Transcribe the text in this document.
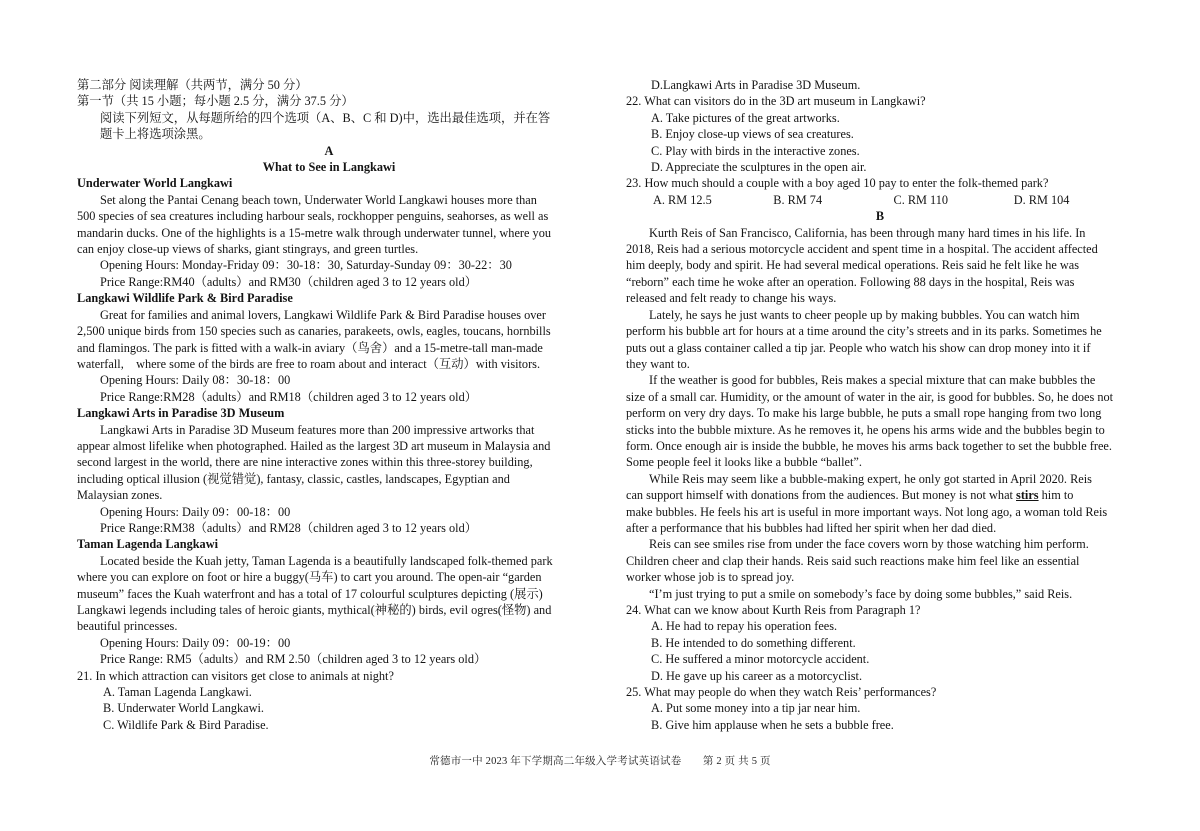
第二部分 阅读理解（共两节，满分 50 分）

第一节（共 15 小题；每小题 2.5 分，满分 37.5 分）

阅读下列短文，从每题所给的四个选项（A、B、C 和 D)中，选出最佳选项，并在答

题卡上将选项涂黑。

A

What to See in Langkawi

Underwater World Langkawi

Set along the Pantai Cenang beach town, Underwater World Langkawi houses more than

500 species of sea creatures including harbour seals, rockhopper penguins, seahorses, as well as

mandarin ducks. One of the highlights is a 15-metre walk through underwater tunnel, where you

can enjoy close-up views of sharks, giant stingrays, and green turtles.

Opening Hours: Monday-Friday 09：30-18：30, Saturday-Sunday 09：30-22：30

Price Range:RM40（adults）and RM30（children aged 3 to 12 years old）

Langkawi Wildlife Park & Bird Paradise

Great for families and animal lovers, Langkawi Wildlife Park & Bird Paradise houses over

2,500 unique birds from 150 species such as canaries, parakeets, owls, eagles, toucans, hornbills

and flamingos. The park is fitted with a walk-in aviary（鸟舍）and a 15-metre-tall man-made

waterfall,    where some of the birds are free to roam about and interact（互动）with visitors.

Opening Hours: Daily 08：30-18：00

Price Range:RM28（adults）and RM18（children aged 3 to 12 years old）

Langkawi Arts in Paradise 3D Museum

Langkawi Arts in Paradise 3D Museum features more than 200 impressive artworks that

appear almost lifelike when photographed. Hailed as the largest 3D art museum in Malaysia and

second largest in the world, there are nine interactive zones within this three-storey building,

including optical illusion (视觉错觉), fantasy, classic, castles, landscapes, Egyptian and

Malaysian zones.

Opening Hours: Daily 09：00-18：00

Price Range:RM38（adults）and RM28（children aged 3 to 12 years old）

Taman Lagenda Langkawi

Located beside the Kuah jetty, Taman Lagenda is a beautifully landscaped folk-themed park

where you can explore on foot or hire a buggy(马车) to cart you around. The open-air “garden

museum” faces the Kuah waterfront and has a total of 17 colourful sculptures depicting (展示)

Langkawi legends including tales of heroic giants, mythical(神秘的) birds, evil ogres(怪物) and

beautiful princesses.

Opening Hours: Daily 09：00-19：00

Price Range: RM5（adults）and RM 2.50（children aged 3 to 12 years old）

21. In which attraction can visitors get close to animals at night?

A. Taman Lagenda Langkawi.

B. Underwater World Langkawi.

C. Wildlife Park & Bird Paradise.

D.Langkawi Arts in Paradise 3D Museum.

22. What can visitors do in the 3D art museum in Langkawi?

A. Take pictures of the great artworks.

B. Enjoy close-up views of sea creatures.

C. Play with birds in the interactive zones.

D. Appreciate the sculptures in the open air.

23. How much should a couple with a boy aged 10 pay to enter the folk-themed park?

A. RM 12.5	B. RM 74	C. RM 110	D. RM 104

B

Kurth Reis of San Francisco, California, has been through many hard times in his life. In

2018, Reis had a serious motorcycle accident and spent time in a hospital. The accident affected

him deeply, body and spirit. He had several medical operations. Reis said he felt like he was

“reborn” each time he woke after an operation. Following 88 days in the hospital, Reis was

released and felt ready to change his ways.

Lately, he says he just wants to cheer people up by making bubbles. You can watch him

perform his bubble art for hours at a time around the city’s streets and in its parks. Sometimes he

puts out a glass container called a tip jar. People who watch his show can drop money into it if

they want to.

If the weather is good for bubbles, Reis makes a special mixture that can make bubbles the

size of a small car. Humidity, or the amount of water in the air, is good for bubbles. So, he does not

perform on very dry days. To make his large bubble, he puts a small rope hanging from two long

sticks into the bubble mixture. As he removes it, he opens his arms wide and the bubbles begin to

form. Once enough air is inside the bubble, he moves his arms back together to set the bubble free.

Some people feel it looks like a bubble “ballet”.

While Reis may seem like a bubble-making expert, he only got started in April 2020. Reis

can support himself with donations from the audiences. But money is not what stirs him to

make bubbles. He feels his art is useful in more important ways. Not long ago, a woman told Reis

after a performance that his bubbles had lifted her spirit when her dad died.

Reis can see smiles rise from under the face covers worn by those watching him perform.

Children cheer and clap their hands. Reis said such reactions make him feel like an essential

worker whose job is to spread joy.

“I’m just trying to put a smile on somebody’s face by doing some bubbles,” said Reis.

24. What can we know about Kurth Reis from Paragraph 1?

A. He had to repay his operation fees.

B. He intended to do something different.

C. He suffered a minor motorcycle accident.

D. He gave up his career as a motorcyclist.

25. What may people do when they watch Reis’ performances?

A. Put some money into a tip jar near him.

B. Give him applause when he sets a bubble free.

常德市一中 2023 年下学期高二年级入学考试英语试卷　　第 2 页 共 5 页
